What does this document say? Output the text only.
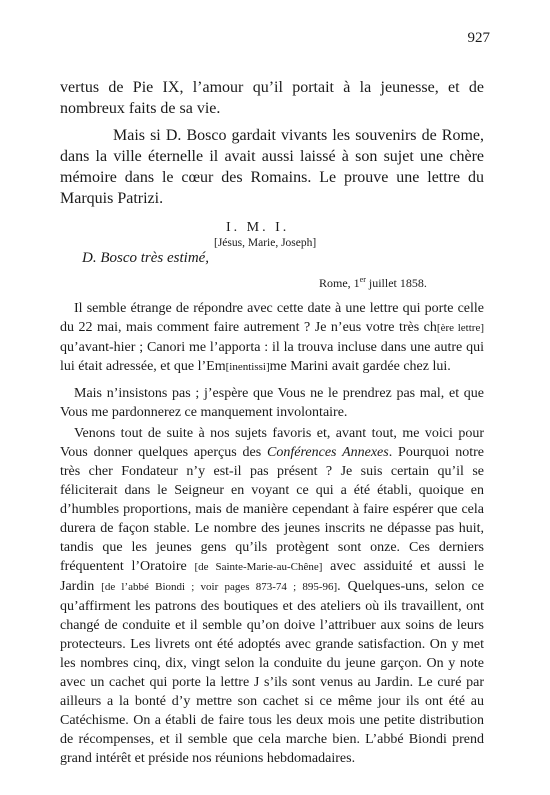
927

vertus de Pie IX, l’amour qu’il portait à la jeunesse, et de nombreux faits de sa vie.

Mais si D. Bosco gardait vivants les souvenirs de Rome, dans la ville éternelle il avait aussi laissé à son sujet une chère mémoire dans le cœur des Romains. Le prouve une lettre du Marquis Patrizi.

I. M. I.
[Jésus, Marie, Joseph]
D. Bosco très estimé,
Rome, 1er juillet 1858.

Il semble étrange de répondre avec cette date à une lettre qui porte celle du 22 mai, mais comment faire autrement ? Je n’eus votre très ch[ère lettre] qu’avant-hier ; Canori me l’apporta : il la trouva incluse dans une autre qui lui était adressée, et que l’Em[inentissi]me Marini avait gardée chez lui.

Mais n’insistons pas ; j’espère que Vous ne le prendrez pas mal, et que Vous me pardonnerez ce manquement involontaire.

Venons tout de suite à nos sujets favoris et, avant tout, me voici pour Vous donner quelques aperçus des Conférences Annexes. Pourquoi notre très cher Fondateur n’y est-il pas présent ? Je suis certain qu’il se féliciterait dans le Seigneur en voyant ce qui a été établi, quoique en d’humbles proportions, mais de manière cependant à faire espérer que cela durera de façon stable. Le nombre des jeunes inscrits ne dépasse pas huit, tandis que les jeunes gens qu’ils protègent sont onze. Ces derniers fréquentent l’Oratoire [de Sainte-Marie-au-Chêne] avec assiduité et aussi le Jardin [de l’abbé Biondi ; voir pages 873-74 ; 895-96]. Quelques-uns, selon ce qu’affirment les patrons des boutiques et des ateliers où ils travaillent, ont changé de conduite et il semble qu’on doive l’attribuer aux soins de leurs protecteurs. Les livrets ont été adoptés avec grande satisfaction. On y met les nombres cinq, dix, vingt selon la conduite du jeune garçon. On y note avec un cachet qui porte la lettre J s’ils sont venus au Jardin. Le curé par ailleurs a la bonté d’y mettre son cachet si ce même jour ils ont été au Catéchisme. On a établi de faire tous les deux mois une petite distribution de récompenses, et il semble que cela marche bien. L’abbé Biondi prend grand intérêt et préside nos réunions hebdomadaires.
